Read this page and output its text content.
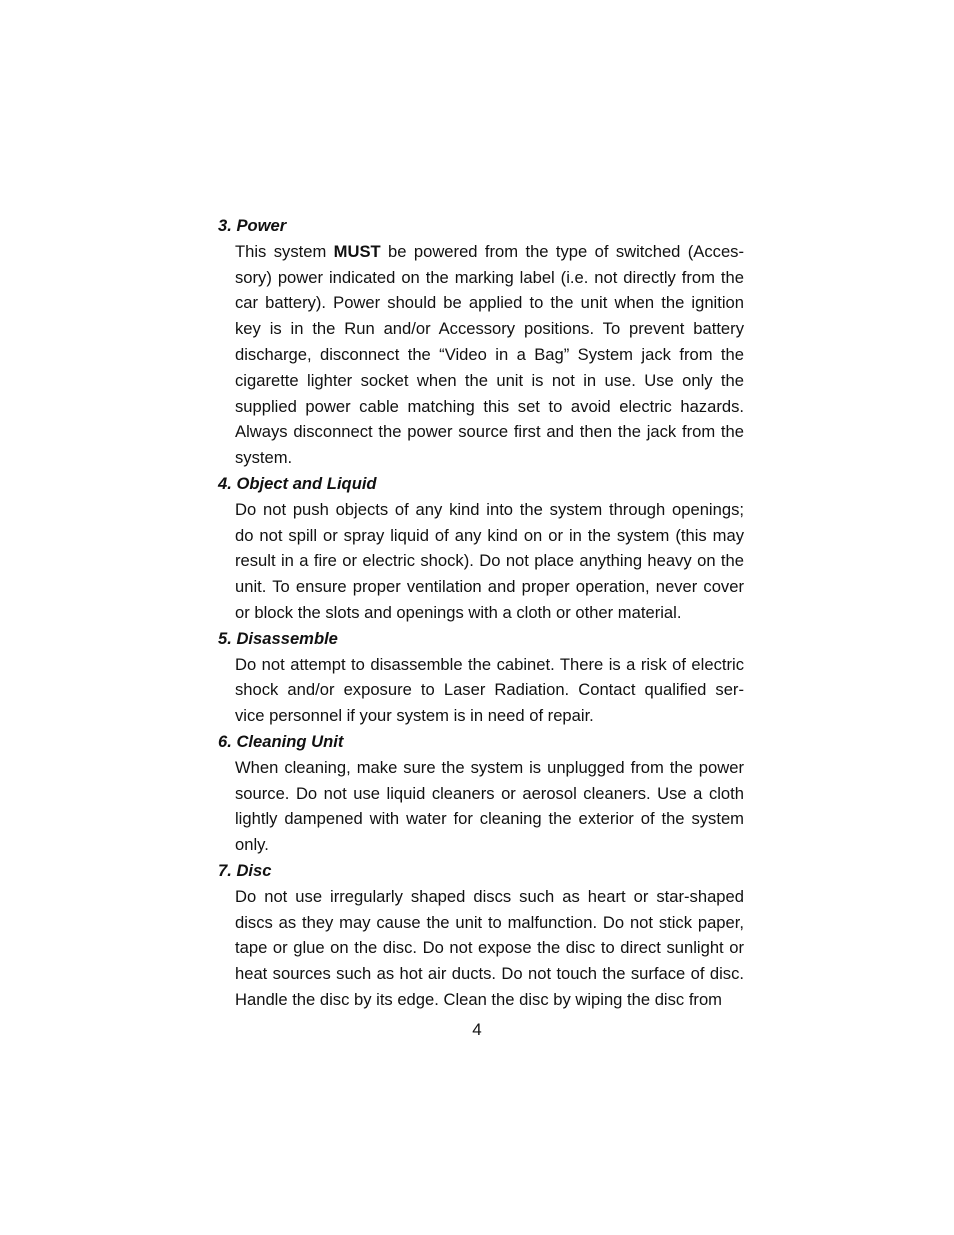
3. Power

This system MUST be powered from the type of switched (Acces-
sory) power indicated on the marking label (i.e. not directly from the
car battery). Power should be applied to the unit when the ignition
key is in the Run and/or Accessory positions. To prevent battery
discharge, disconnect the “Video in a Bag” System jack from the
cigarette lighter socket when the unit is not in use. Use only the
supplied power cable matching this set to avoid electric hazards.
Always disconnect the power source first and then the jack from the
system.

4. Object and Liquid

Do not push objects of any kind into the system through openings;
do not spill or spray liquid of any kind on or in the system (this may
result in a fire or electric shock). Do not place anything heavy on the
unit. To ensure proper ventilation and proper operation, never cover
or block the slots and openings with a cloth or other material.

5. Disassemble

Do not attempt to disassemble the cabinet. There is a risk of electric
shock and/or exposure to Laser Radiation. Contact qualified ser-
vice personnel if your system is in need of repair.

6. Cleaning Unit

When cleaning, make sure the system is unplugged from the power
source. Do not use liquid cleaners or aerosol cleaners. Use a cloth
lightly dampened with water for cleaning the exterior of the system
only.

7. Disc

Do not use irregularly shaped discs such as heart or star-shaped
discs as they may cause the unit to malfunction. Do not stick paper,
tape or glue on the disc. Do not expose the disc to direct sunlight or
heat sources such as hot air ducts. Do not touch the surface of disc.
Handle the disc by its edge. Clean the disc by wiping the disc from
4
